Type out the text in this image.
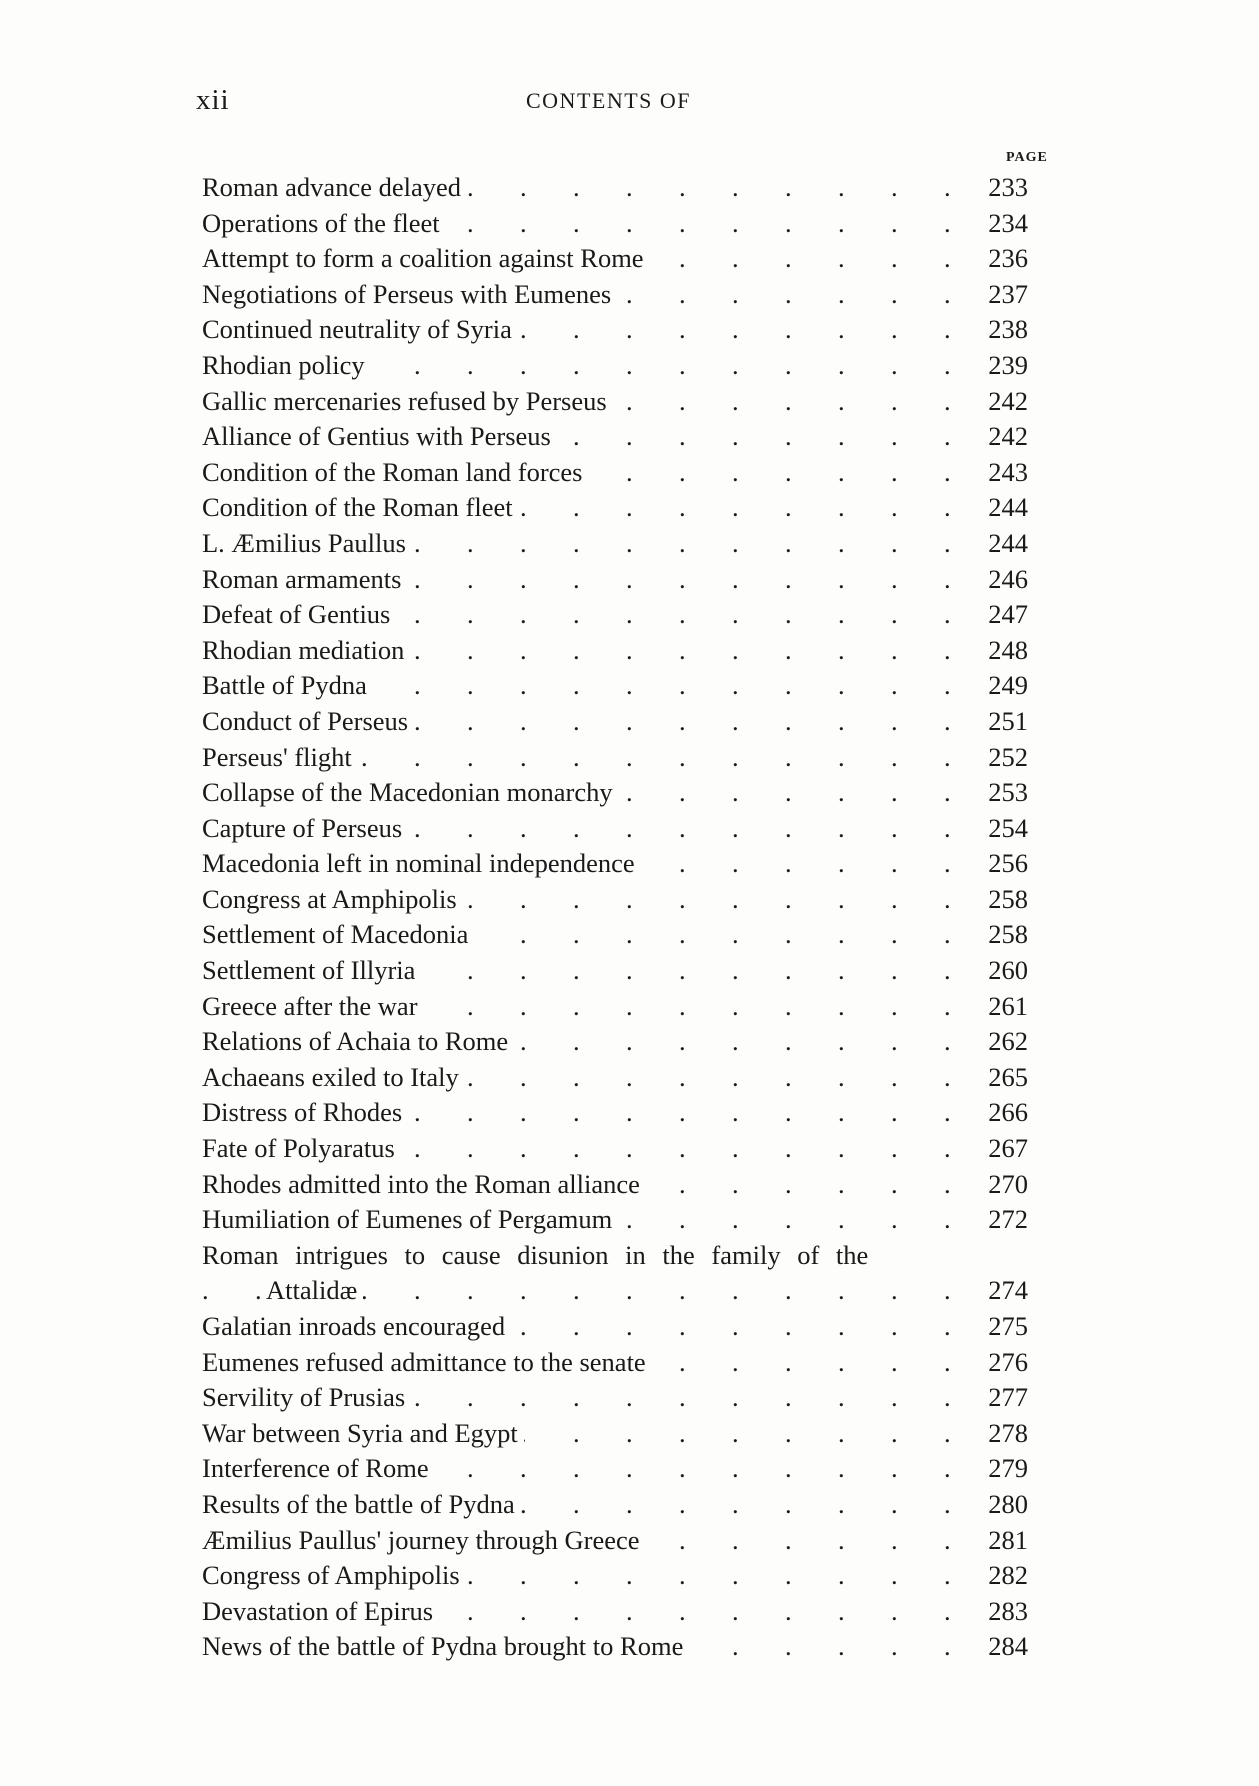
xii	CONTENTS OF
PAGE
.
Roman advance delayed	233
.
Operations of the fleet	234
.
Attempt to form a coalition against Rome	236
.
Negotiations of Perseus with Eumenes	237
.
Continued neutrality of Syria	238
.
Rhodian policy	239
.
Gallic mercenaries refused by Perseus	242
.
Alliance of Gentius with Perseus	242
.
Condition of the Roman land forces	243
.
Condition of the Roman fleet	244
.
L. Æmilius Paullus	244
.
Roman armaments	246
.
Defeat of Gentius	247
.
Rhodian mediation	248
.
Battle of Pydna	249
.
Conduct of Perseus	251
.
Perseus' flight	252
.
Collapse of the Macedonian monarchy	253
.
Capture of Perseus	254
.
Macedonia left in nominal independence	256
.
Congress at Amphipolis	258
.
Settlement of Macedonia	258
.
Settlement of Illyria	260
.
Greece after the war	261
.
Relations of Achaia to Rome	262
.
Achaeans exiled to Italy	265
.
Distress of Rhodes	266
.
Fate of Polyaratus	267
.
Rhodes admitted into the Roman alliance	270
.
Humiliation of Eumenes of Pergamum	272
Roman intrigues to cause disunion in the family of the
.
Attalidæ	274
.
Galatian inroads encouraged	275
.
Eumenes refused admittance to the senate	276
.
Servility of Prusias	277
.
War between Syria and Egypt	278
.
Interference of Rome	279
.
Results of the battle of Pydna	280
.
Æmilius Paullus' journey through Greece	281
.
Congress of Amphipolis	282
.
Devastation of Epirus	283
.
News of the battle of Pydna brought to Rome	284
